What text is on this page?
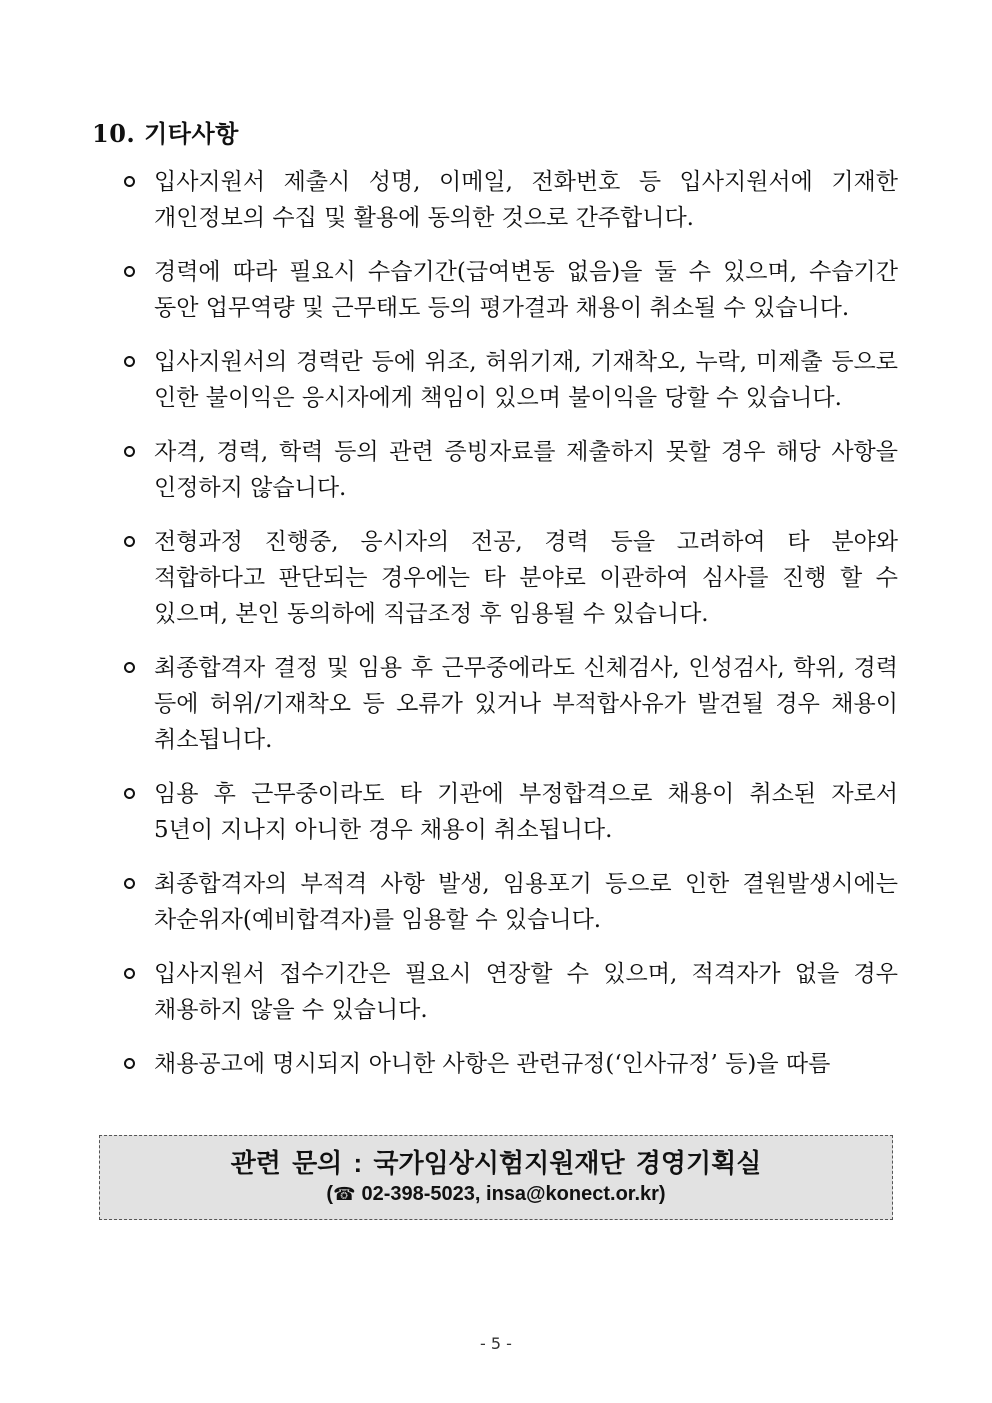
10. 기타사항
입사지원서 제출시 성명, 이메일, 전화번호 등 입사지원서에 기재한 개인정보의 수집 및 활용에 동의한 것으로 간주합니다.
경력에 따라 필요시 수습기간(급여변동 없음)을 둘 수 있으며, 수습기간 동안 업무역량 및 근무태도 등의 평가결과 채용이 취소될 수 있습니다.
입사지원서의 경력란 등에 위조, 허위기재, 기재착오, 누락, 미제출 등으로 인한 불이익은 응시자에게 책임이 있으며 불이익을 당할 수 있습니다.
자격, 경력, 학력 등의 관련 증빙자료를 제출하지 못할 경우 해당 사항을 인정하지 않습니다.
전형과정 진행중, 응시자의 전공, 경력 등을 고려하여 타 분야와 적합하다고 판단되는 경우에는 타 분야로 이관하여 심사를 진행 할 수 있으며, 본인 동의하에 직급조정 후 임용될 수 있습니다.
최종합격자 결정 및 임용 후 근무중에라도 신체검사, 인성검사, 학위, 경력 등에 허위/기재착오 등 오류가 있거나 부적합사유가 발견될 경우 채용이 취소됩니다.
임용 후 근무중이라도 타 기관에 부정합격으로 채용이 취소된 자로서 5년이 지나지 아니한 경우 채용이 취소됩니다.
최종합격자의 부적격 사항 발생, 임용포기 등으로 인한 결원발생시에는 차순위자(예비합격자)를 임용할 수 있습니다.
입사지원서 접수기간은 필요시 연장할 수 있으며, 적격자가 없을 경우 채용하지 않을 수 있습니다.
채용공고에 명시되지 아니한 사항은 관련규정(‘인사규정’ 등)을 따름
관련 문의 : 국가임상시험지원재단 경영기획실
(☎ 02-398-5023, insa@konect.or.kr)
- 5 -
